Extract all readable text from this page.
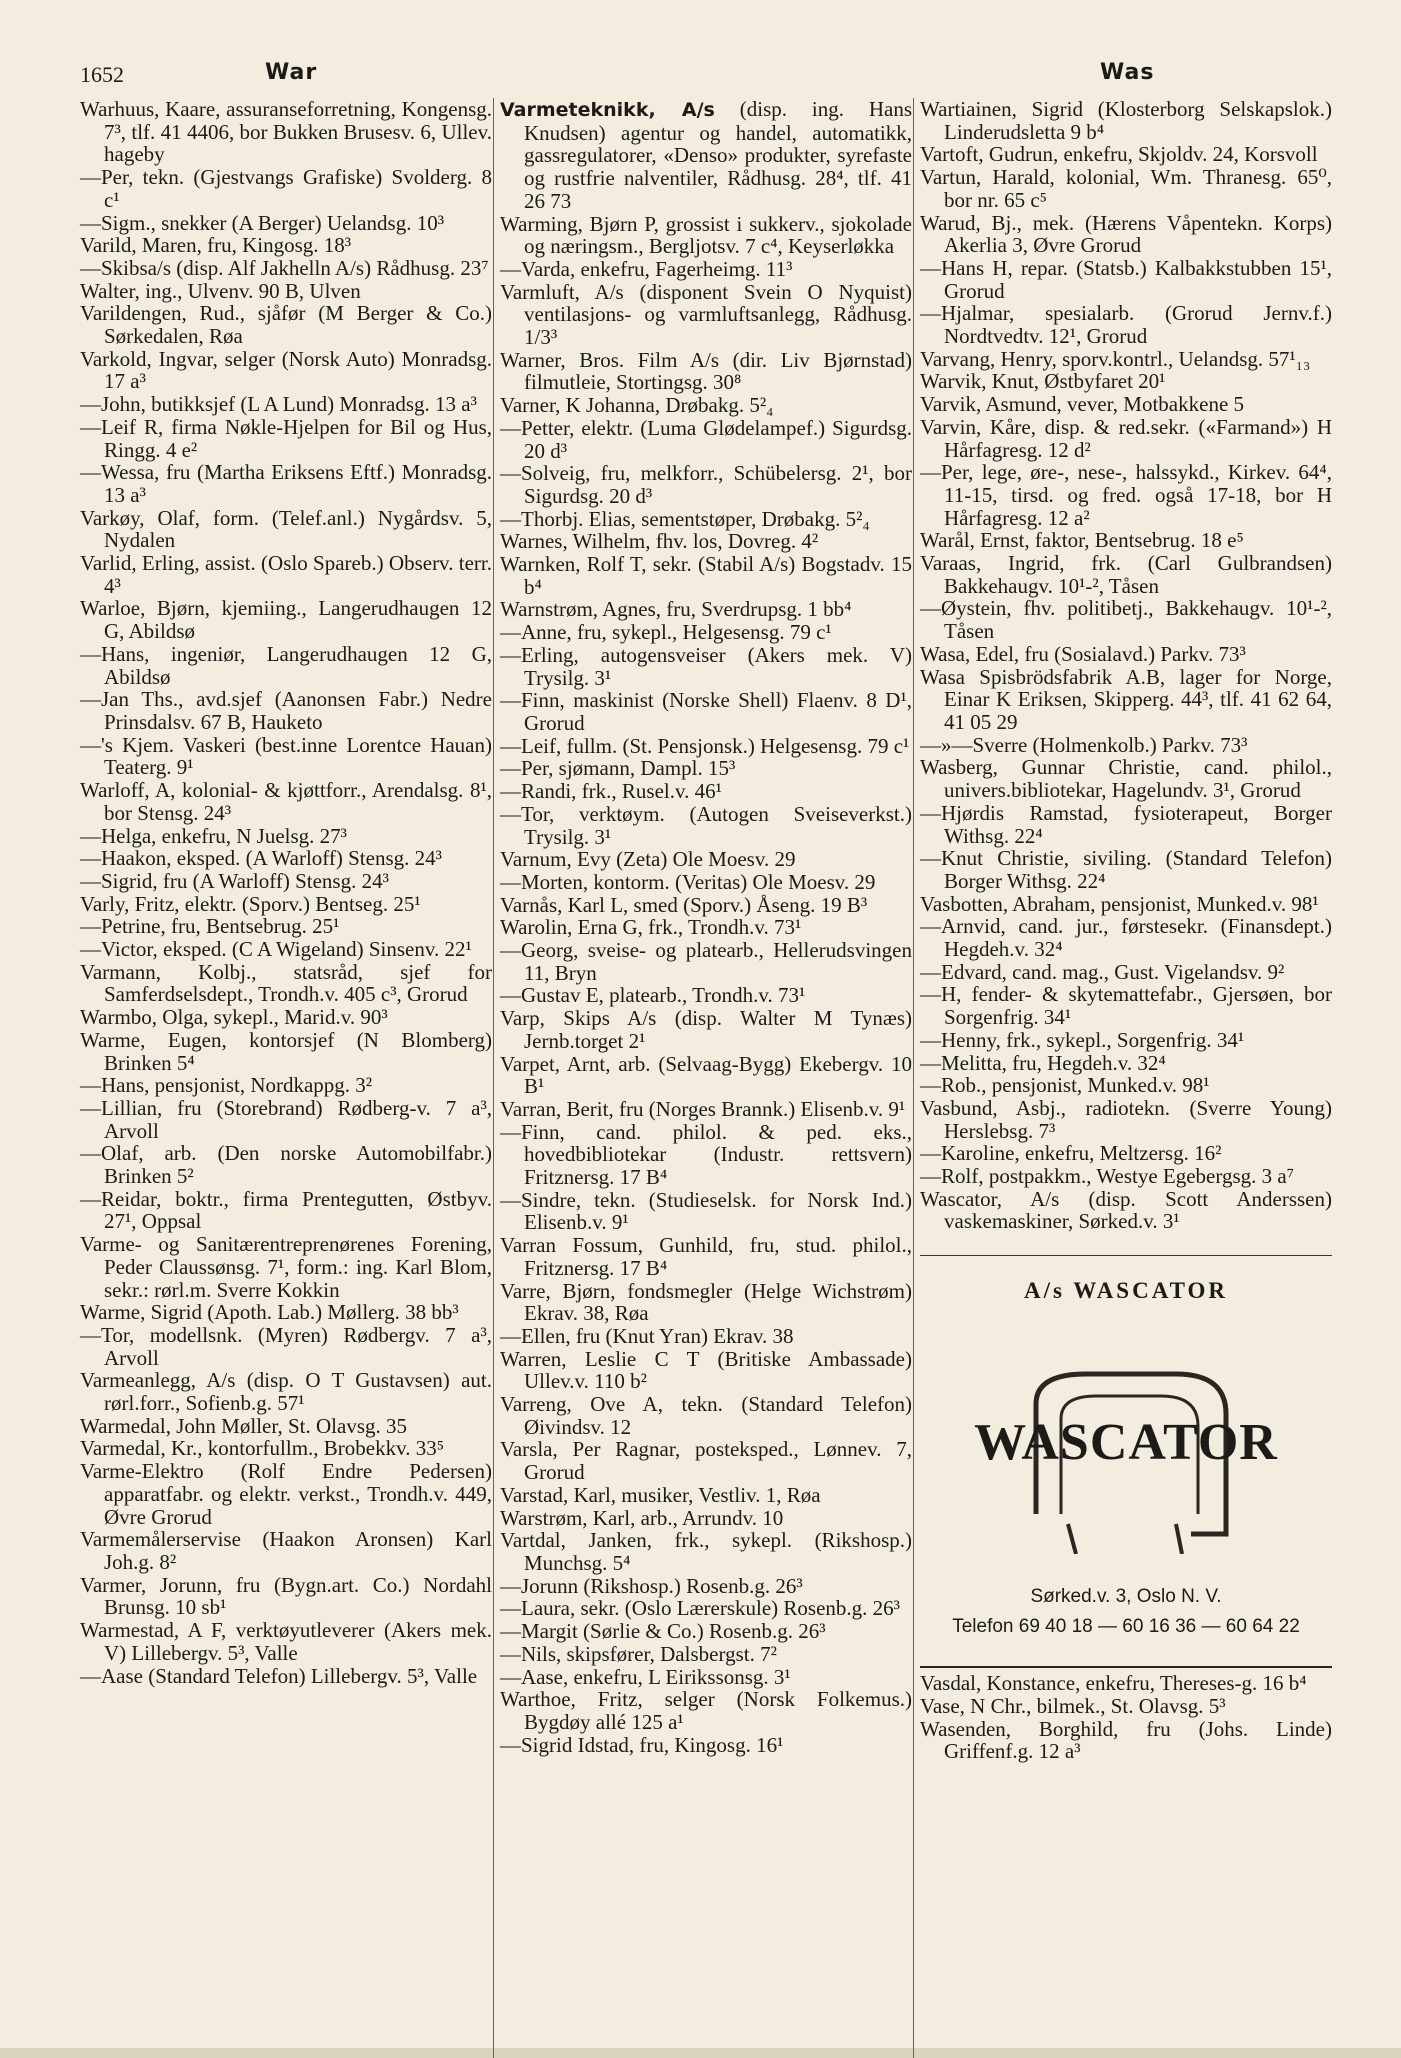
1652	War	Was
Warhuus, Kaare, assuranseforretning, Kongensg. 7³, tlf. 41 4406, bor Bukken Brusesv. 6, Ullev. hageby
—Per, tekn. (Gjestvangs Grafiske) Svolderg. 8 c¹
—Sigm., snekker (A Berger) Uelandsg. 10³
Varild, Maren, fru, Kingosg. 18³
—Skibsa/s (disp. Alf Jakhelln A/s) Rådhusg. 23⁷
Walter, ing., Ulvenv. 90 B, Ulven
Varildengen, Rud., sjåfør (M Berger & Co.) Sørkedalen, Røa
Varkold, Ingvar, selger (Norsk Auto) Monradsg. 17 a³
—John, butikksjef (L A Lund) Monradsg. 13 a³
—Leif R, firma Nøkle-Hjelpen for Bil og Hus, Ringg. 4 e²
—Wessa, fru (Martha Eriksens Eftf.) Monradsg. 13 a³
Varkøy, Olaf, form. (Telef.anl.) Nygårdsv. 5, Nydalen
Varlid, Erling, assist. (Oslo Spareb.) Observ. terr. 4³
Warloe, Bjørn, kjemiing., Langerudhaugen 12 G, Abildsø
—Hans, ingeniør, Langerudhaugen 12 G, Abildsø
—Jan Ths., avd.sjef (Aanonsen Fabr.) Nedre Prinsdalsv. 67 B, Hauketo
—'s Kjem. Vaskeri (best.inne Lorentce Hauan) Teaterg. 9¹
Warloff, A, kolonial- & kjøttforr., Arendalsg. 8¹, bor Stensg. 24³
—Helga, enkefru, N Juelsg. 27³
—Haakon, eksped. (A Warloff) Stensg. 24³
—Sigrid, fru (A Warloff) Stensg. 24³
Varly, Fritz, elektr. (Sporv.) Bentseg. 25¹
—Petrine, fru, Bentsebrug. 25¹
—Victor, eksped. (C A Wigeland) Sinsenv. 22¹
Varmann, Kolbj., statsråd, sjef for Samferdselsdept., Trondh.v. 405 c³, Grorud
Warmbo, Olga, sykepl., Marid.v. 90³
Warme, Eugen, kontorsjef (N Blomberg) Brinken 5⁴
—Hans, pensjonist, Nordkappg. 3²
—Lillian, fru (Storebrand) Rødberg-v. 7 a³, Arvoll
—Olaf, arb. (Den norske Automobilfabr.) Brinken 5²
—Reidar, boktr., firma Prentegutten, Østbyv. 27¹, Oppsal
Varme- og Sanitærentreprenørenes Forening, Peder Claussønsg. 7¹, form.: ing. Karl Blom, sekr.: rørl.m. Sverre Kokkin
Warme, Sigrid (Apoth. Lab.) Møllerg. 38 bb³
—Tor, modellsnk. (Myren) Rødbergv. 7 a³, Arvoll
Varmeanlegg, A/s (disp. O T Gustavsen) aut. rørl.forr., Sofienb.g. 57¹
Warmedal, John Møller, St. Olavsg. 35
Varmedal, Kr., kontorfullm., Brobekkv. 33⁵
Varme-Elektro (Rolf Endre Pedersen) apparatfabr. og elektr. verkst., Trondh.v. 449, Øvre Grorud
Varmemålerservise (Haakon Aronsen) Karl Joh.g. 8²
Varmer, Jorunn, fru (Bygn.art. Co.) Nordahl Brunsg. 10 sb¹
Warmestad, A F, verktøyutleverer (Akers mek. V) Lillebergv. 5³, Valle
—Aase (Standard Telefon) Lillebergv. 5³, Valle
Varmeteknikk, A/s (disp. ing. Hans Knudsen) agentur og handel, automatikk, gassregulatorer, «Denso» produkter, syrefaste og rustfrie nalventiler, Rådhusg. 28⁴, tlf. 41 26 73
Warming, Bjørn P, grossist i sukkerv., sjokolade og næringsm., Bergljotsv. 7 c⁴, Keyserløkka
—Varda, enkefru, Fagerheimg. 11³
Varmluft, A/s (disponent Svein O Nyquist) ventilasjons- og varmluftsanlegg, Rådhusg. 1/3³
Warner, Bros. Film A/s (dir. Liv Bjørnstad) filmutleie, Stortingsg. 30⁸
Varner, K Johanna, Drøbakg. 5²₄
—Petter, elektr. (Luma Glødelampef.) Sigurdsg. 20 d³
—Solveig, fru, melkforr., Schübelersg. 2¹, bor Sigurdsg. 20 d³
—Thorbj. Elias, sementstøper, Drøbakg. 5²₄
Warnes, Wilhelm, fhv. los, Dovreg. 4²
Warnken, Rolf T, sekr. (Stabil A/s) Bogstadv. 15 b⁴
Warnstrøm, Agnes, fru, Sverdrupsg. 1 bb⁴
—Anne, fru, sykepl., Helgesensg. 79 c¹
—Erling, autogensveiser (Akers mek. V) Trysilg. 3¹
—Finn, maskinist (Norske Shell) Flaenv. 8 D¹, Grorud
—Leif, fullm. (St. Pensjonsk.) Helgesensg. 79 c¹
—Per, sjømann, Dampl. 15³
—Randi, frk., Rusel.v. 46¹
—Tor, verktøym. (Autogen Sveiseverkst.) Trysilg. 3¹
Varnum, Evy (Zeta) Ole Moesv. 29
—Morten, kontorm. (Veritas) Ole Moesv. 29
Varnås, Karl L, smed (Sporv.) Åseng. 19 B³
Warolin, Erna G, frk., Trondh.v. 73¹
—Georg, sveise- og platearb., Hellerudsvingen 11, Bryn
—Gustav E, platearb., Trondh.v. 73¹
Varp, Skips A/s (disp. Walter M Tynæs) Jernb.torget 2¹
Varpet, Arnt, arb. (Selvaag-Bygg) Ekebergv. 10 B¹
Varran, Berit, fru (Norges Brannk.) Elisenb.v. 9¹
—Finn, cand. philol. & ped. eks., hovedbibliotekar (Industr. rettsvern) Fritznersg. 17 B⁴
—Sindre, tekn. (Studieselsk. for Norsk Ind.) Elisenb.v. 9¹
Varran Fossum, Gunhild, fru, stud. philol., Fritznersg. 17 B⁴
Varre, Bjørn, fondsmegler (Helge Wichstrøm) Ekrav. 38, Røa
—Ellen, fru (Knut Yran) Ekrav. 38
Warren, Leslie C T (Britiske Ambassade) Ullev.v. 110 b²
Varreng, Ove A, tekn. (Standard Telefon) Øivindsv. 12
Varsla, Per Ragnar, posteksped., Lønnev. 7, Grorud
Varstad, Karl, musiker, Vestliv. 1, Røa
Warstrøm, Karl, arb., Arrundv. 10
Vartdal, Janken, frk., sykepl. (Rikshosp.) Munchsg. 5⁴
—Jorunn (Rikshosp.) Rosenb.g. 26³
—Laura, sekr. (Oslo Lærerskule) Rosenb.g. 26³
—Margit (Sørlie & Co.) Rosenb.g. 26³
—Nils, skipsfører, Dalsbergst. 7²
—Aase, enkefru, L Eirikssonsg. 3¹
Warthoe, Fritz, selger (Norsk Folkemus.) Bygdøy allé 125 a¹
—Sigrid Idstad, fru, Kingosg. 16¹
Wartiainen, Sigrid (Klosterborg Selskapslok.) Linderudsletta 9 b⁴
Vartoft, Gudrun, enkefru, Skjoldv. 24, Korsvoll
Vartun, Harald, kolonial, Wm. Thranesg. 65⁰, bor nr. 65 c⁵
Warud, Bj., mek. (Hærens Våpentekn. Korps) Akerlia 3, Øvre Grorud
—Hans H, repar. (Statsb.) Kalbakkstubben 15¹, Grorud
—Hjalmar, spesialarb. (Grorud Jernv.f.) Nordtvedtv. 12¹, Grorud
Varvang, Henry, sporv.kontrl., Uelandsg. 57¹₁₃
Warvik, Knut, Østbyfaret 20¹
Varvik, Asmund, vever, Motbakkene 5
Varvin, Kåre, disp. & red.sekr. («Farmand») H Hårfagresg. 12 d²
—Per, lege, øre-, nese-, halssykd., Kirkev. 64⁴, 11-15, tirsd. og fred. også 17-18, bor H Hårfagresg. 12 a²
Warål, Ernst, faktor, Bentsebrug. 18 e⁵
Varaas, Ingrid, frk. (Carl Gulbrandsen) Bakkehaugv. 10¹-², Tåsen
—Øystein, fhv. politibetj., Bakkehaugv. 10¹-², Tåsen
Wasa, Edel, fru (Sosialavd.) Parkv. 73³
Wasa Spisbrödsfabrik A.B, lager for Norge, Einar K Eriksen, Skipperg. 44³, tlf. 41 62 64, 41 05 29
—»—Sverre (Holmenkolb.) Parkv. 73³
Wasberg, Gunnar Christie, cand. philol., univers.bibliotekar, Hagelundv. 3¹, Grorud
—Hjørdis Ramstad, fysioterapeut, Borger Withsg. 22⁴
—Knut Christie, siviling. (Standard Telefon) Borger Withsg. 22⁴
Vasbotten, Abraham, pensjonist, Munked.v. 98¹
—Arnvid, cand. jur., førstesekr. (Finansdept.) Hegdeh.v. 32⁴
—Edvard, cand. mag., Gust. Vigelandsv. 9²
—H, fender- & skytemattefabr., Gjersøen, bor Sorgenfrig. 34¹
—Henny, frk., sykepl., Sorgenfrig. 34¹
—Melitta, fru, Hegdeh.v. 32⁴
—Rob., pensjonist, Munked.v. 98¹
Vasbund, Asbj., radiotekn. (Sverre Young) Herslebsg. 7³
—Karoline, enkefru, Meltzersg. 16²
—Rolf, postpakkm., Westye Egebergsg. 3 a⁷
Wascator, A/s (disp. Scott Anderssen) vaskemaskiner, Sørked.v. 3¹
A/s WASCATOR
WASCATOR
Sørked.v. 3, Oslo N. V.
Telefon 69 40 18 — 60 16 36 — 60 64 22
Vasdal, Konstance, enkefru, Thereses-g. 16 b⁴
Vase, N Chr., bilmek., St. Olavsg. 5³
Wasenden, Borghild, fru (Johs. Linde) Griffenf.g. 12 a³
